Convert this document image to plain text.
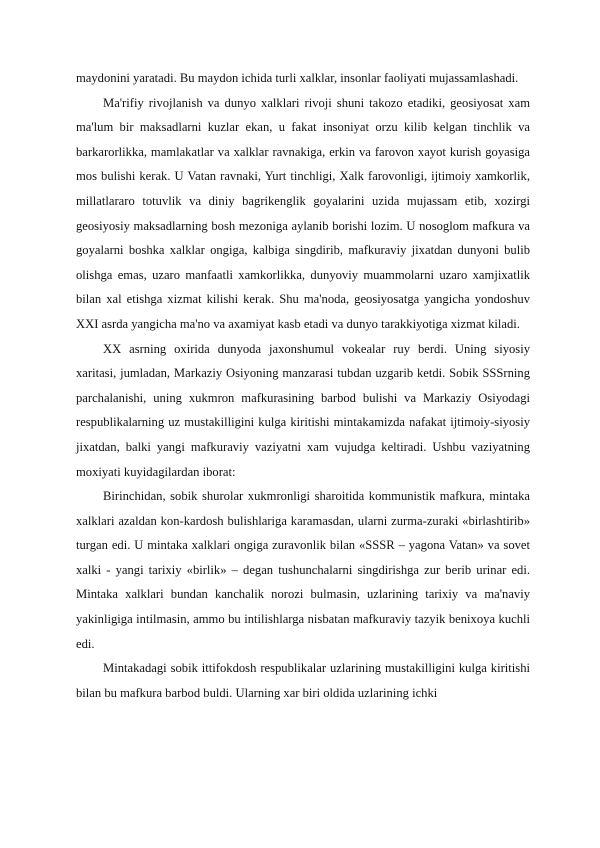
maydonini yaratadi. Bu maydon ichida turli xalklar, insonlar faoliyati mujassamlashadi.

Ma'rifiy rivojlanish va dunyo xalklari rivoji shuni takozo etadiki, geosiyosat xam ma'lum bir maksadlarni kuzlar ekan, u fakat insoniyat orzu kilib kelgan tinchlik va barkarorlikka, mamlakatlar va xalklar ravnakiga, erkin va farovon xayot kurish goyasiga mos bulishi kerak. U Vatan ravnaki, Yurt tinchligi, Xalk farovonligi, ijtimoiy xamkorlik, millatlararo totuvlik va diniy bagrikenglik goyalarini uzida mujassam etib, xozirgi geosiyosiy maksadlarning bosh mezoniga aylanib borishi lozim. U nosoglom mafkura va goyalarni boshka xalklar ongiga, kalbiga singdirib, mafkuraviy jixatdan dunyoni bulib olishga emas, uzaro manfaatli xamkorlikka, dunyoviy muammolarni uzaro xamjixatlik bilan xal etishga xizmat kilishi kerak. Shu ma'noda, geosiyosatga yangicha yondoshuv XXI asrda yangicha ma'no va axamiyat kasb etadi va dunyo tarakkiyotiga xizmat kiladi.

XX asrning oxirida dunyoda jaxonshumul vokealar ruy berdi. Uning siyosiy xaritasi, jumladan, Markaziy Osiyoning manzarasi tubdan uzgarib ketdi. Sobik SSSrning parchalanishi, uning xukmron mafkurasining barbod bulishi va Markaziy Osiyodagi respublikalarning uz mustakilligini kulga kiritishi mintakamizda nafakat ijtimoiy-siyosiy jixatdan, balki yangi mafkuraviy vaziyatni xam vujudga keltiradi. Ushbu vaziyatning moxiyati kuyidagilardan iborat:

Birinchidan, sobik shurolar xukmronligi sharoitida kommunistik mafkura, mintaka xalklari azaldan kon-kardosh bulishlariga karamasdan, ularni zurma-zuraki «birlashtirib» turgan edi. U mintaka xalklari ongiga zuravonlik bilan «SSSR – yagona Vatan» va sovet xalki - yangi tarixiy «birlik» – degan tushunchalarni singdirishga zur berib urinar edi. Mintaka xalklari bundan kanchalik norozi bulmasin, uzlarining tarixiy va ma'naviy yakinligiga intilmasin, ammo bu intilishlarga nisbatan mafkuraviy tazyik benixoya kuchli edi.

Mintakadagi sobik ittifokdosh respublikalar uzlarining mustakilligini kulga kiritishi bilan bu mafkura barbod buldi. Ularning xar biri oldida uzlarining ichki
